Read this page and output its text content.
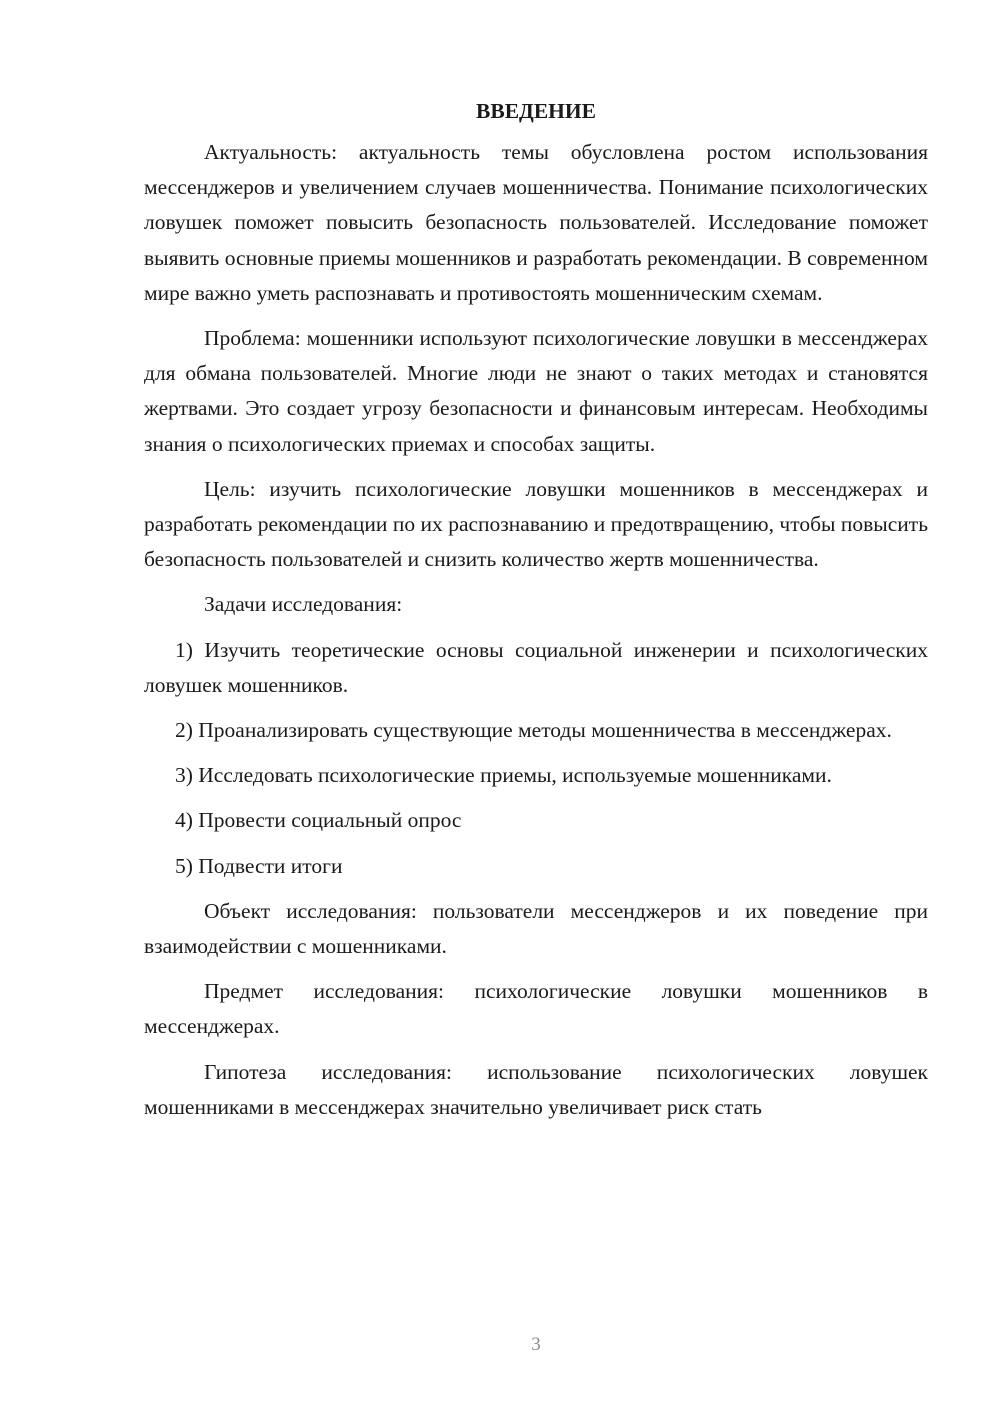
ВВЕДЕНИЕ

Актуальность: актуальность темы обусловлена ростом использования мессенджеров и увеличением случаев мошенничества. Понимание психологических ловушек поможет повысить безопасность пользователей. Исследование поможет выявить основные приемы мошенников и разработать рекомендации. В современном мире важно уметь распознавать и противостоять мошенническим схемам.

Проблема: мошенники используют психологические ловушки в мессенджерах для обмана пользователей. Многие люди не знают о таких методах и становятся жертвами. Это создает угрозу безопасности и финансовым интересам. Необходимы знания о психологических приемах и способах защиты.

Цель: изучить психологические ловушки мошенников в мессенджерах и разработать рекомендации по их распознаванию и предотвращению, чтобы повысить безопасность пользователей и снизить количество жертв мошенничества.

Задачи исследования:

1) Изучить теоретические основы социальной инженерии и психологических ловушек мошенников.

2) Проанализировать существующие методы мошенничества в мессенджерах.

3) Исследовать психологические приемы, используемые мошенниками.

4) Провести социальный опрос

5) Подвести итоги

Объект исследования: пользователи мессенджеров и их поведение при взаимодействии с мошенниками.

Предмет исследования: психологические ловушки мошенников в мессенджерах.

Гипотеза исследования: использование психологических ловушек мошенниками в мессенджерах значительно увеличивает риск стать

3
